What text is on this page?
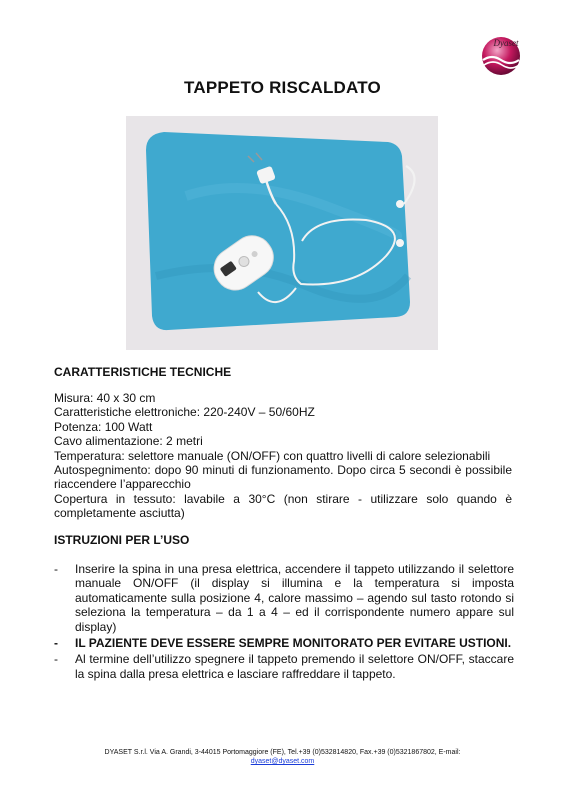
Dyaset
TAPPETO RISCALDATO
CARATTERISTICHE TECNICHE
Misura: 40 x 30 cm
Caratteristiche elettroniche: 220-240V – 50/60HZ
Potenza: 100 Watt
Cavo alimentazione: 2 metri
Temperatura: selettore manuale (ON/OFF) con quattro livelli di calore selezionabili
Autospegnimento: dopo 90 minuti di funzionamento. Dopo circa 5 secondi è possibile riaccendere l’apparecchio
Copertura in tessuto: lavabile a 30°C (non stirare - utilizzare solo quando è completamente asciutta)
ISTRUZIONI PER L’USO
- Inserire la spina in una presa elettrica, accendere il tappeto utilizzando il selettore manuale ON/OFF (il display si illumina e la temperatura si imposta automaticamente sulla posizione 4, calore massimo – agendo sul tasto rotondo si seleziona la temperatura – da 1 a 4 – ed il corrispondente numero appare sul display)
- IL PAZIENTE DEVE ESSERE SEMPRE MONITORATO PER EVITARE USTIONI.
- Al termine dell’utilizzo spegnere il tappeto premendo il selettore ON/OFF, staccare la spina dalla presa elettrica e lasciare raffreddare il tappeto.
DYASET S.r.l. Via A. Grandi, 3-44015 Portomaggiore (FE), Tel.+39 (0)532814820, Fax.+39 (0)5321867802, E-mail:
dyaset@dyaset.com
